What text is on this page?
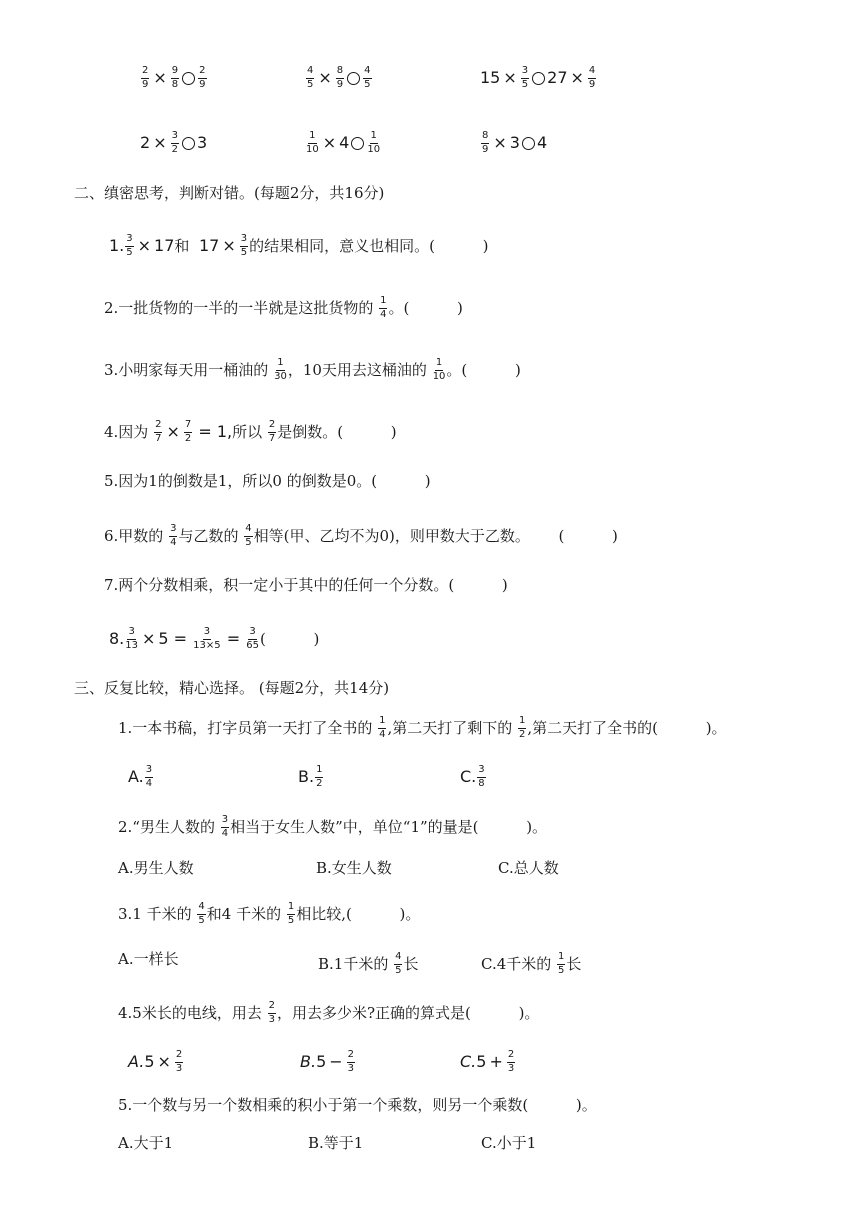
$\frac{2}{9} \times \frac{9}{8} \frac{2}{9}$	$\frac{4}{5} \times \frac{8}{9} \frac{4}{5}$	$15 \times \frac{3}{5} 27 \times \frac{4}{9}$
$2 \times \frac{3}{2} 3$	$\frac{1}{10} \times 4 \frac{1}{10}$	$\frac{8}{9} \times 3$ 4
二、缜密思考，判断对错。(每题2分，共16分)
1. $\frac{3}{5} \times 17$ 和 $17 \times \frac{3}{5}$ 的结果相同，意义也相同。(          )
2.一批货物的一半的一半就是这批货物的 $\frac{1}{4}$ 。(          )
3.小明家每天用一桶油的 $\frac{1}{30}$ ，10天用去这桶油的 $\frac{1}{10}$ 。(          )
4.因为 $\frac{2}{7} \times \frac{7}{2} = 1$, 所以 $\frac{2}{7}$ 是倒数。(          )
5.因为1的倒数是1，所以0 的倒数是0。(          )
6.甲数的 $\frac{3}{4}$ 与乙数的 $\frac{4}{5}$ 相等(甲、乙均不为0)，则甲数大于乙数。      (          )
7.两个分数相乘，积一定小于其中的任何一个分数。(          )
8. $\frac{3}{13} \times 5 = \frac{3}{13\times 5} = \frac{3}{65}$ (          )
三、反复比较，精心选择。 (每题2分，共14分)
1.一本书稿，打字员第一天打了全书的 $\frac{1}{4}$ ,第二天打了剩下的 $\frac{1}{2}$ ,第二天打了全书的(          )。
A. $\frac{3}{4}$	B. $\frac{1}{2}$	C. $\frac{3}{8}$
2.“男生人数的 $\frac{3}{4}$ 相当于女生人数”中，单位“1”的量是(          )。
A.男生人数	B.女生人数	C.总人数
3.1 千米的 $\frac{4}{5}$ 和4 千米的 $\frac{1}{5}$ 相比较,(          )。
A.一样长	B.1千米的 $\frac{4}{5}$ 长	C.4千米的 $\frac{1}{5}$ 长
4.5米长的电线，用去 $\frac{2}{3}$ ，用去多少米?正确的算式是(          )。
A. $5 \times \frac{2}{3}$	B. $5 - \frac{2}{3}$	C. $5 + \frac{2}{3}$
5.一个数与另一个数相乘的积小于第一个乘数，则另一个乘数(          )。
A.大于1	B.等于1	C.小于1
